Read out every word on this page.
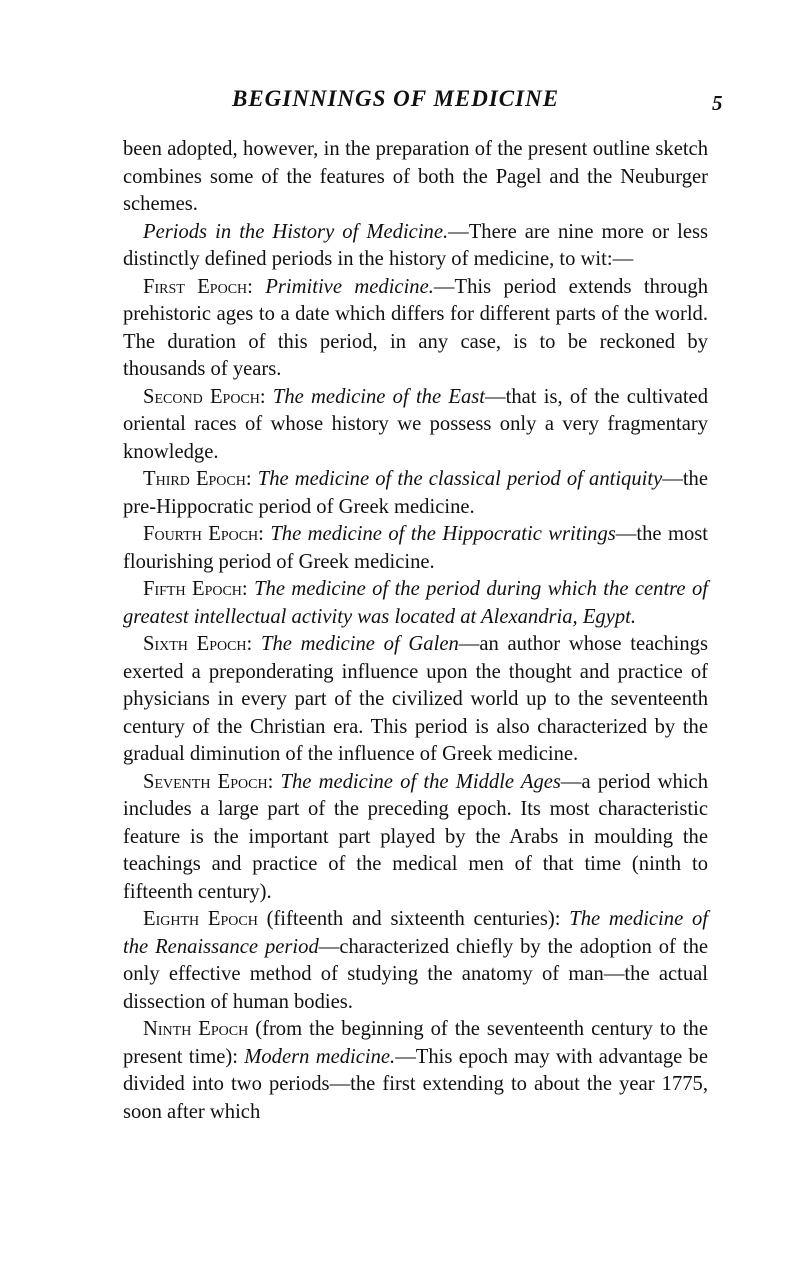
BEGINNINGS OF MEDICINE	5

been adopted, however, in the preparation of the present outline sketch combines some of the features of both the Pagel and the Neuburger schemes.

Periods in the History of Medicine.—There are nine more or less distinctly defined periods in the history of medicine, to wit:—

First Epoch: Primitive medicine.—This period extends through prehistoric ages to a date which differs for different parts of the world. The duration of this period, in any case, is to be reckoned by thousands of years.

Second Epoch: The medicine of the East—that is, of the cultivated oriental races of whose history we possess only a very fragmentary knowledge.

Third Epoch: The medicine of the classical period of antiquity—the pre-Hippocratic period of Greek medicine.

Fourth Epoch: The medicine of the Hippocratic writings—the most flourishing period of Greek medicine.

Fifth Epoch: The medicine of the period during which the centre of greatest intellectual activity was located at Alexandria, Egypt.

Sixth Epoch: The medicine of Galen—an author whose teachings exerted a preponderating influence upon the thought and practice of physicians in every part of the civilized world up to the seventeenth century of the Christian era. This period is also characterized by the gradual diminution of the influence of Greek medicine.

Seventh Epoch: The medicine of the Middle Ages—a period which includes a large part of the preceding epoch. Its most characteristic feature is the important part played by the Arabs in moulding the teachings and practice of the medical men of that time (ninth to fifteenth century).

Eighth Epoch (fifteenth and sixteenth centuries): The medicine of the Renaissance period—characterized chiefly by the adoption of the only effective method of studying the anatomy of man—the actual dissection of human bodies.

Ninth Epoch (from the beginning of the seventeenth century to the present time): Modern medicine.—This epoch may with advantage be divided into two periods—the first extending to about the year 1775, soon after which
